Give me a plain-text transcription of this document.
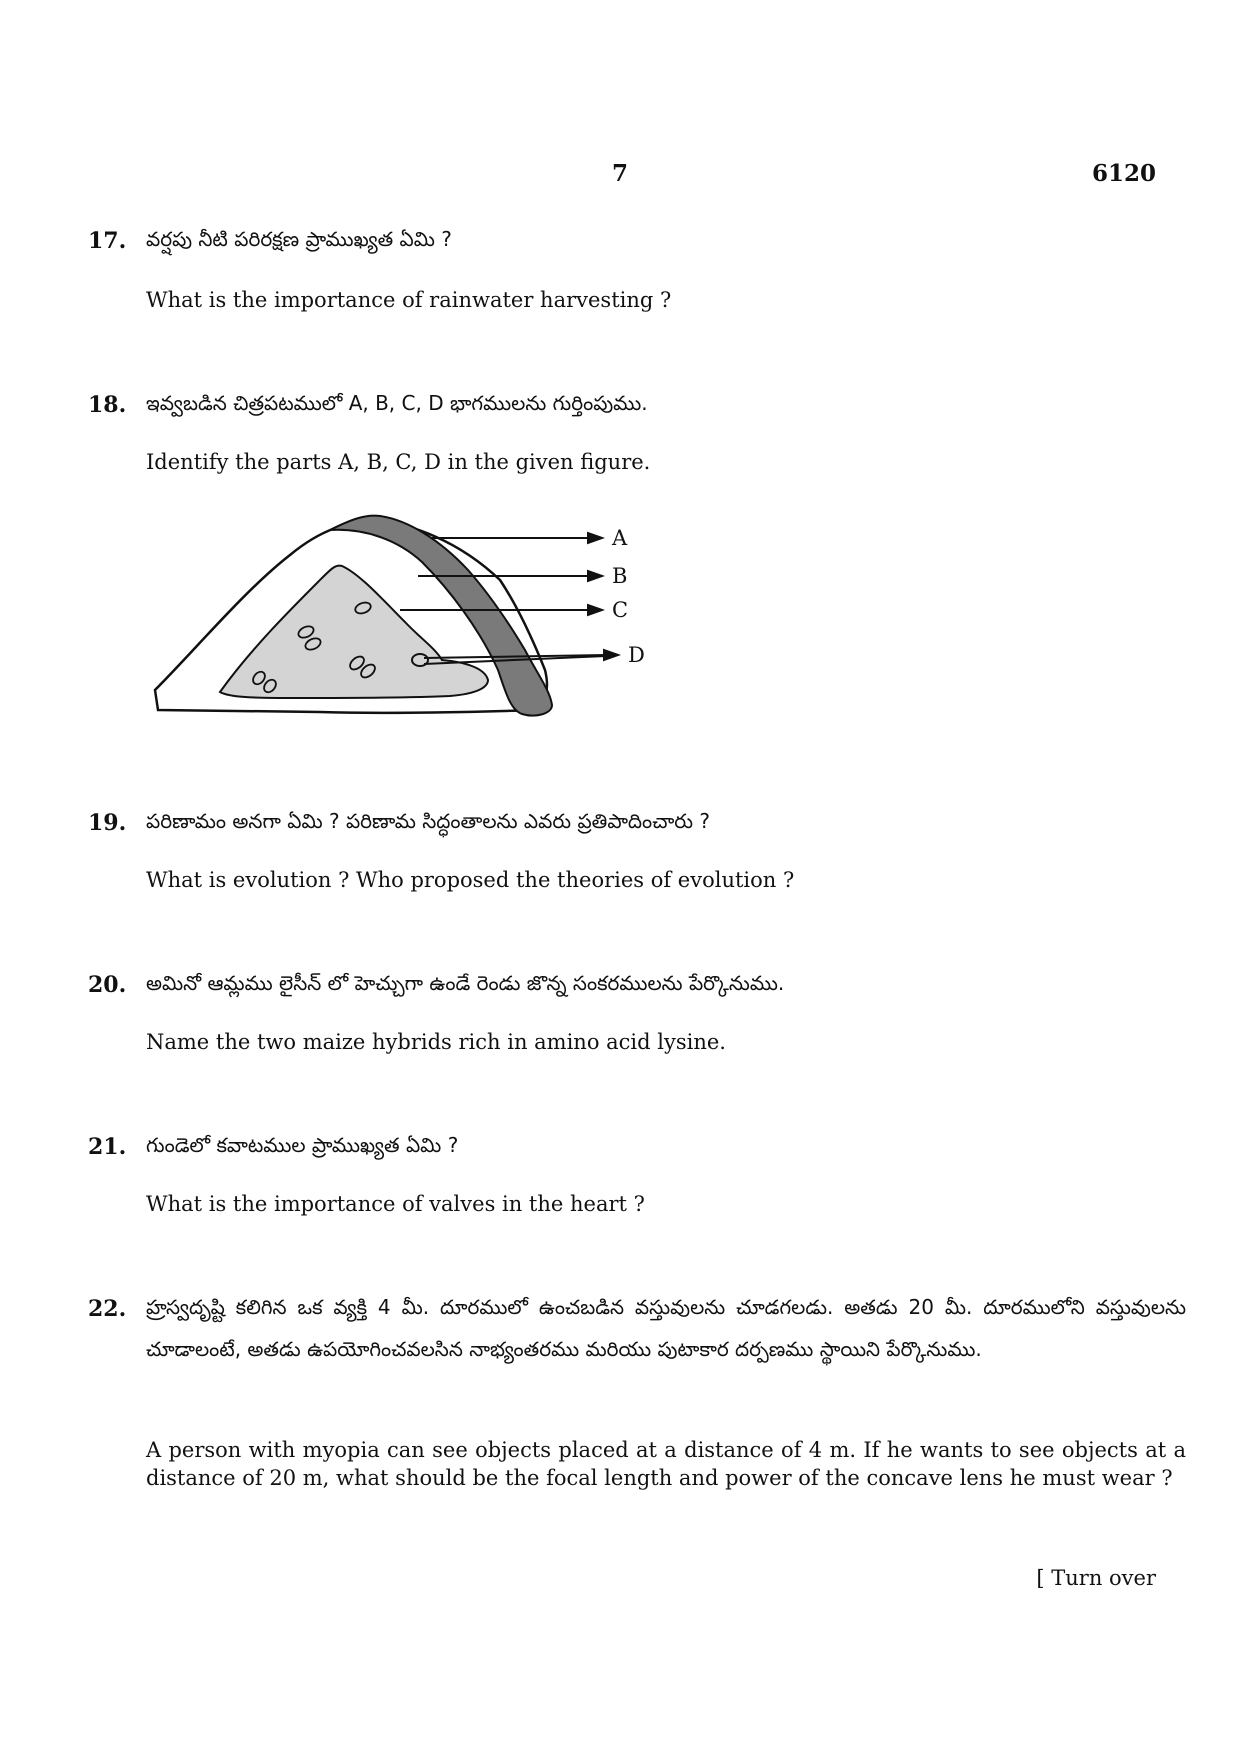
7	6120
17. వర్షపు నీటి పరిరక్షణ ప్రాముఖ్యత ఏమి ?
What is the importance of rainwater harvesting ?
18. ఇవ్వబడిన చిత్రపటములో A, B, C, D భాగములను గుర్తింపుము.
Identify the parts A, B, C, D in the given figure.
A
B
C
D
19. పరిణామం అనగా ఏమి ? పరిణామ సిద్ధంతాలను ఎవరు ప్రతిపాదించారు ?
What is evolution ? Who proposed the theories of evolution ?
20. అమినో ఆమ్లము లైసీన్ లో హెచ్చుగా ఉండే రెండు జొన్న సంకరములను పేర్కొనుము.
Name the two maize hybrids rich in amino acid lysine.
21. గుండెలో కవాటముల ప్రాముఖ్యత ఏమి ?
What is the importance of valves in the heart ?
22. హ్రస్వదృష్టి కలిగిన ఒక వ్యక్తి 4 మీ. దూరములో ఉంచబడిన వస్తువులను చూడగలడు. అతడు 20 మీ. దూరములోని వస్తువులను చూడాలంటే, అతడు ఉపయోగించవలసిన నాభ్యంతరము మరియు పుటాకార దర్పణము స్థాయిని పేర్కొనుము.
A person with myopia can see objects placed at a distance of 4 m. If he wants to see objects at a distance of 20 m, what should be the focal length and power of the concave lens he must wear ?
[ Turn over
